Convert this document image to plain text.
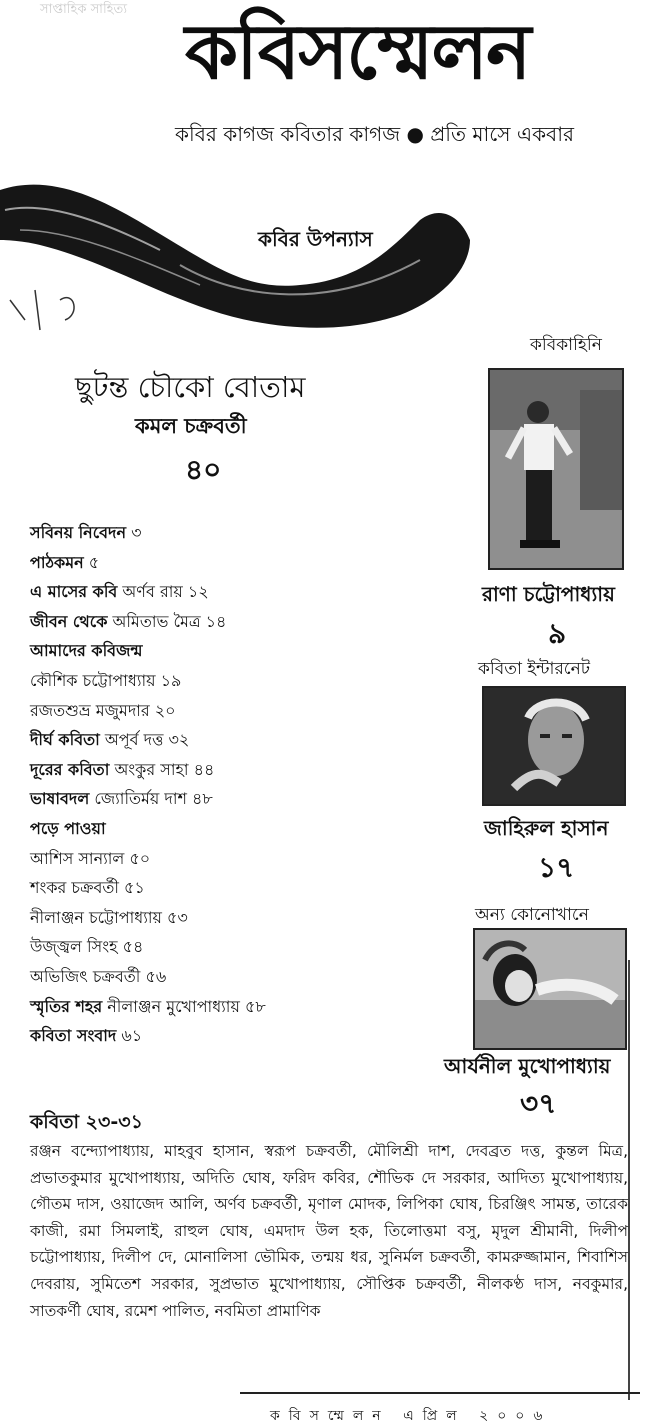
সাপ্তাহিক সাহিত্য কবিসম্মেলন
কবির কাগজ কবিতার কাগজ ● প্রতি মাসে একবার
কবির উপন্যাস
ছুটন্ত চৌকো বোতাম
কমল চক্রবর্তী
৪০
সবিনয় নিবেদন ৩
পাঠকমন ৫
এ মাসের কবি অর্ণব রায় ১২
জীবন থেকে অমিতাভ মৈত্র ১৪
আমাদের কবিজন্ম
কৌশিক চট্টোপাধ্যায় ১৯
রজতশুভ্র মজুমদার ২০
দীর্ঘ কবিতা অপূর্ব দত্ত ৩২
দূরের কবিতা অংকুর সাহা ৪৪
ভাষাবদল জ্যোতির্ময় দাশ ৪৮
পড়ে পাওয়া
আশিস সান্যাল ৫০
শংকর চক্রবর্তী ৫১
নীলাঞ্জন চট্টোপাধ্যায় ৫৩
উজ্জ্বল সিংহ ৫৪
অভিজিৎ চক্রবর্তী ৫৬
স্মৃতির শহর নীলাঞ্জন মুখোপাধ্যায় ৫৮
কবিতা সংবাদ ৬১
কবিকাহিনি
রাণা চট্টোপাধ্যায়
৯
কবিতা ইন্টারনেট
জাহিরুল হাসান
১৭
অন্য কোনোখানে
আর্যনীল মুখোপাধ্যায়
৩৭
কবিতা ২৩-৩১

রঞ্জন বন্দ্যোপাধ্যায়, মাহবুব হাসান, স্বরূপ চক্রবর্তী, মৌলিশ্রী দাশ, দেবব্রত দত্ত, কুন্তল মিত্র, প্রভাতকুমার মুখোপাধ্যায়, অদিতি ঘোষ, ফরিদ কবির, শৌভিক দে সরকার, আদিত্য মুখোপাধ্যায়, গৌতম দাস, ওয়াজেদ আলি, অর্ণব চক্রবর্তী, মৃণাল মোদক, লিপিকা ঘোষ, চিরঞ্জিৎ সামন্ত, তারেক কাজী, রমা সিমলাই, রাহুল ঘোষ, এমদাদ উল হক, তিলোত্তমা বসু, মৃদুল শ্রীমানী, দিলীপ চট্টোপাধ্যায়, দিলীপ দে, মোনালিসা ভৌমিক, তন্ময় ধর, সুনির্মল চক্রবর্তী, কামরুজ্জামান, শিবাশিস দেবরায়, সুমিতেশ সরকার, সুপ্রভাত মুখোপাধ্যায়, সৌপ্তিক চক্রবর্তী, নীলকণ্ঠ দাস, নবকুমার, সাতকর্ণী ঘোষ, রমেশ পালিত, নবমিতা প্রামাণিক

কবিসম্মেলন এপ্রিল ২০০৬
